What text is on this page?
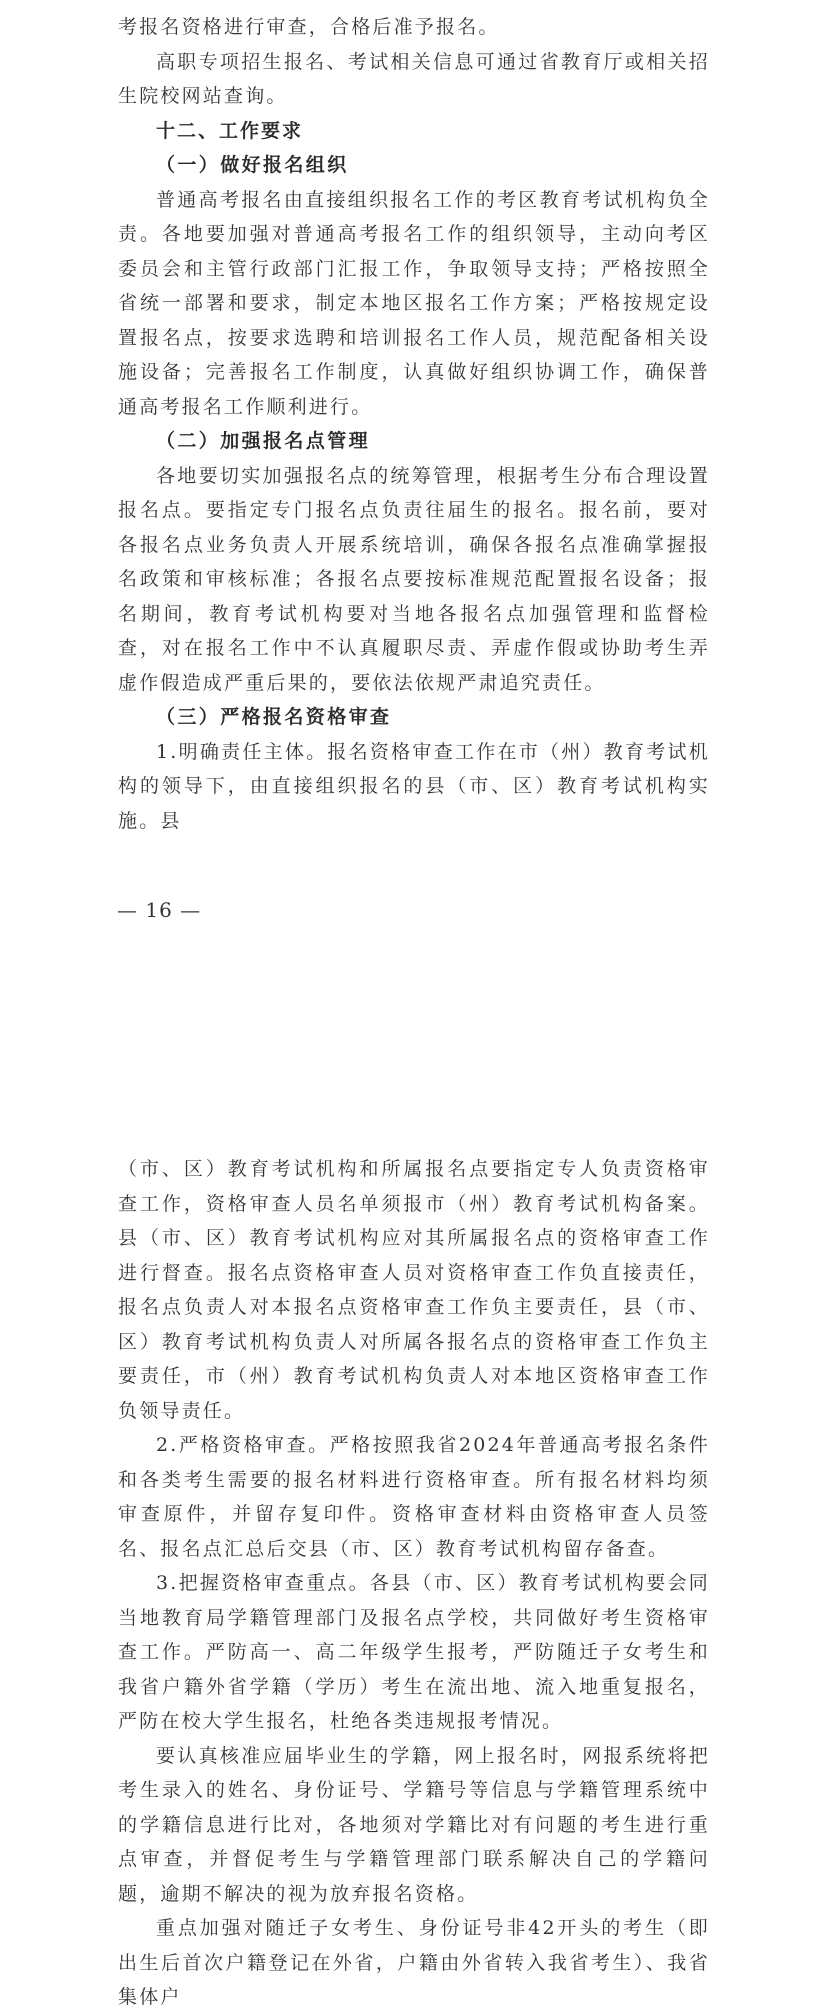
考报名资格进行审查，合格后准予报名。

高职专项招生报名、考试相关信息可通过省教育厅或相关招生院校网站查询。

十二、工作要求
（一）做好报名组织

普通高考报名由直接组织报名工作的考区教育考试机构负全责。各地要加强对普通高考报名工作的组织领导，主动向考区委员会和主管行政部门汇报工作，争取领导支持；严格按照全省统一部署和要求，制定本地区报名工作方案；严格按规定设置报名点，按要求选聘和培训报名工作人员，规范配备相关设施设备；完善报名工作制度，认真做好组织协调工作，确保普通高考报名工作顺利进行。

（二）加强报名点管理

各地要切实加强报名点的统筹管理，根据考生分布合理设置报名点。要指定专门报名点负责往届生的报名。报名前，要对各报名点业务负责人开展系统培训，确保各报名点准确掌握报名政策和审核标准；各报名点要按标准规范配置报名设备；报名期间，教育考试机构要对当地各报名点加强管理和监督检查，对在报名工作中不认真履职尽责、弄虚作假或协助考生弄虚作假造成严重后果的，要依法依规严肃追究责任。

（三）严格报名资格审查

1.明确责任主体。报名资格审查工作在市（州）教育考试机构的领导下，由直接组织报名的县（市、区）教育考试机构实施。县

— 16 —

（市、区）教育考试机构和所属报名点要指定专人负责资格审查工作，资格审查人员名单须报市（州）教育考试机构备案。县（市、区）教育考试机构应对其所属报名点的资格审查工作进行督查。报名点资格审查人员对资格审查工作负直接责任，报名点负责人对本报名点资格审查工作负主要责任，县（市、区）教育考试机构负责人对所属各报名点的资格审查工作负主要责任，市（州）教育考试机构负责人对本地区资格审查工作负领导责任。

2.严格资格审查。严格按照我省2024年普通高考报名条件和各类考生需要的报名材料进行资格审查。所有报名材料均须审查原件，并留存复印件。资格审查材料由资格审查人员签名、报名点汇总后交县（市、区）教育考试机构留存备查。

3.把握资格审查重点。各县（市、区）教育考试机构要会同当地教育局学籍管理部门及报名点学校，共同做好考生资格审查工作。严防高一、高二年级学生报考，严防随迁子女考生和我省户籍外省学籍（学历）考生在流出地、流入地重复报名，严防在校大学生报名，杜绝各类违规报考情况。

要认真核准应届毕业生的学籍，网上报名时，网报系统将把考生录入的姓名、身份证号、学籍号等信息与学籍管理系统中的学籍信息进行比对，各地须对学籍比对有问题的考生进行重点审查，并督促考生与学籍管理部门联系解决自己的学籍问题，逾期不解决的视为放弃报名资格。

重点加强对随迁子女考生、身份证号非42开头的考生（即出生后首次户籍登记在外省，户籍由外省转入我省考生）、我省集体户
